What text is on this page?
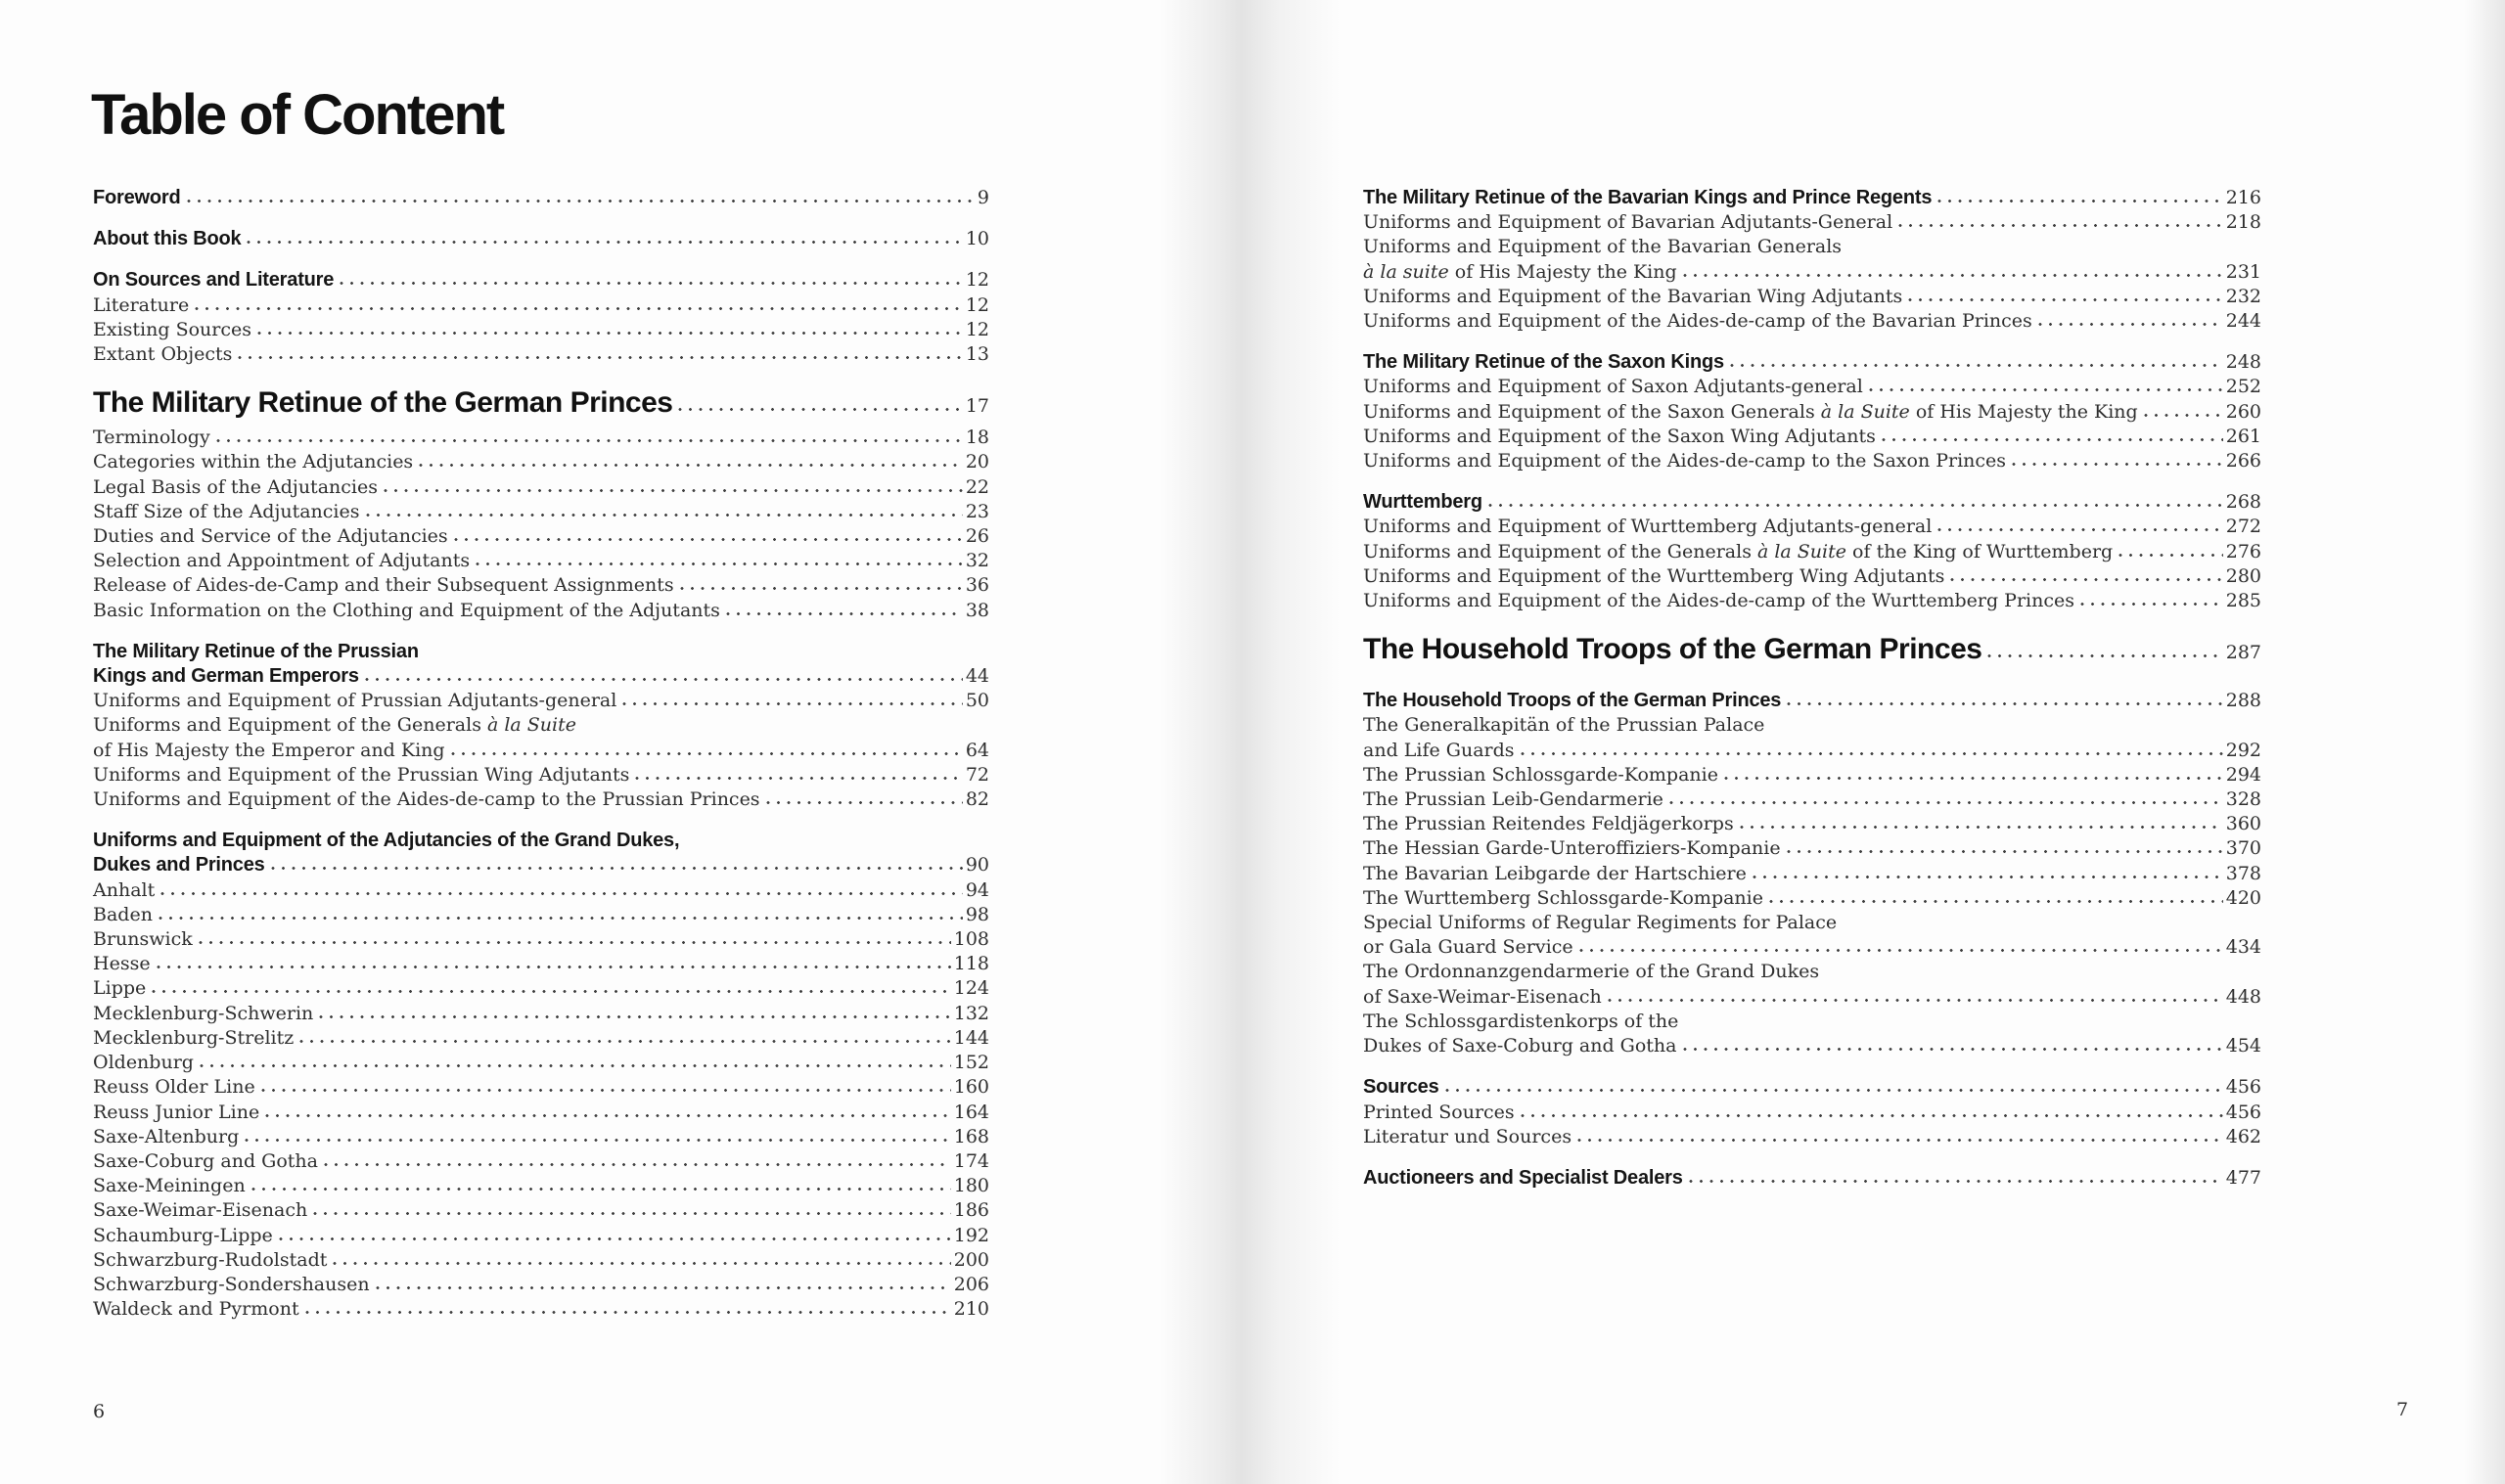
Table of Content
Foreword	9
About this Book	10
On Sources and Literature	12
Literature	12
Existing Sources	12
Extant Objects	13
The Military Retinue of the German Princes	17
Terminology	18
Categories within the Adjutancies	20
Legal Basis of the Adjutancies	22
Staff Size of the Adjutancies	23
Duties and Service of the Adjutancies	26
Selection and Appointment of Adjutants	32
Release of Aides-de-Camp and their Subsequent Assignments	36
Basic Information on the Clothing and Equipment of the Adjutants	38
The Military Retinue of the Prussian
Kings and German Emperors	44
Uniforms and Equipment of Prussian Adjutants-general	50
Uniforms and Equipment of the Generals à la Suite
of His Majesty the Emperor and King	64
Uniforms and Equipment of the Prussian Wing Adjutants	72
Uniforms and Equipment of the Aides-de-camp to the Prussian Princes	82
Uniforms and Equipment of the Adjutancies of the Grand Dukes,
Dukes and Princes	90
Anhalt	94
Baden	98
Brunswick	108
Hesse	118
Lippe	124
Mecklenburg-Schwerin	132
Mecklenburg-Strelitz	144
Oldenburg	152
Reuss Older Line	160
Reuss Junior Line	164
Saxe-Altenburg	168
Saxe-Coburg and Gotha	174
Saxe-Meiningen	180
Saxe-Weimar-Eisenach	186
Schaumburg-Lippe	192
Schwarzburg-Rudolstadt	200
Schwarzburg-Sondershausen	206
Waldeck and Pyrmont	210
The Military Retinue of the Bavarian Kings and Prince Regents	216
Uniforms and Equipment of Bavarian Adjutants-General	218
Uniforms and Equipment of the Bavarian Generals
à la suite of His Majesty the King	231
Uniforms and Equipment of the Bavarian Wing Adjutants	232
Uniforms and Equipment of the Aides-de-camp of the Bavarian Princes	244
The Military Retinue of the Saxon Kings	248
Uniforms and Equipment of Saxon Adjutants-general	252
Uniforms and Equipment of the Saxon Generals à la Suite of His Majesty the King	260
Uniforms and Equipment of the Saxon Wing Adjutants	261
Uniforms and Equipment of the Aides-de-camp to the Saxon Princes	266
Wurttemberg	268
Uniforms and Equipment of Wurttemberg Adjutants-general	272
Uniforms and Equipment of the Generals à la Suite of the King of Wurttemberg	276
Uniforms and Equipment of the Wurttemberg Wing Adjutants	280
Uniforms and Equipment of the Aides-de-camp of the Wurttemberg Princes	285
The Household Troops of the German Princes	287
The Household Troops of the German Princes	288
The Generalkapitän of the Prussian Palace
and Life Guards	292
The Prussian Schlossgarde-Kompanie	294
The Prussian Leib-Gendarmerie	328
The Prussian Reitendes Feldjägerkorps	360
The Hessian Garde-Unteroffiziers-Kompanie	370
The Bavarian Leibgarde der Hartschiere	378
The Wurttemberg Schlossgarde-Kompanie	420
Special Uniforms of Regular Regiments for Palace
or Gala Guard Service	434
The Ordonnanzgendarmerie of the Grand Dukes
of Saxe-Weimar-Eisenach	448
The Schlossgardistenkorps of the
Dukes of Saxe-Coburg and Gotha	454
Sources	456
Printed Sources	456
Literatur und Sources	462
Auctioneers and Specialist Dealers	477
6	7
